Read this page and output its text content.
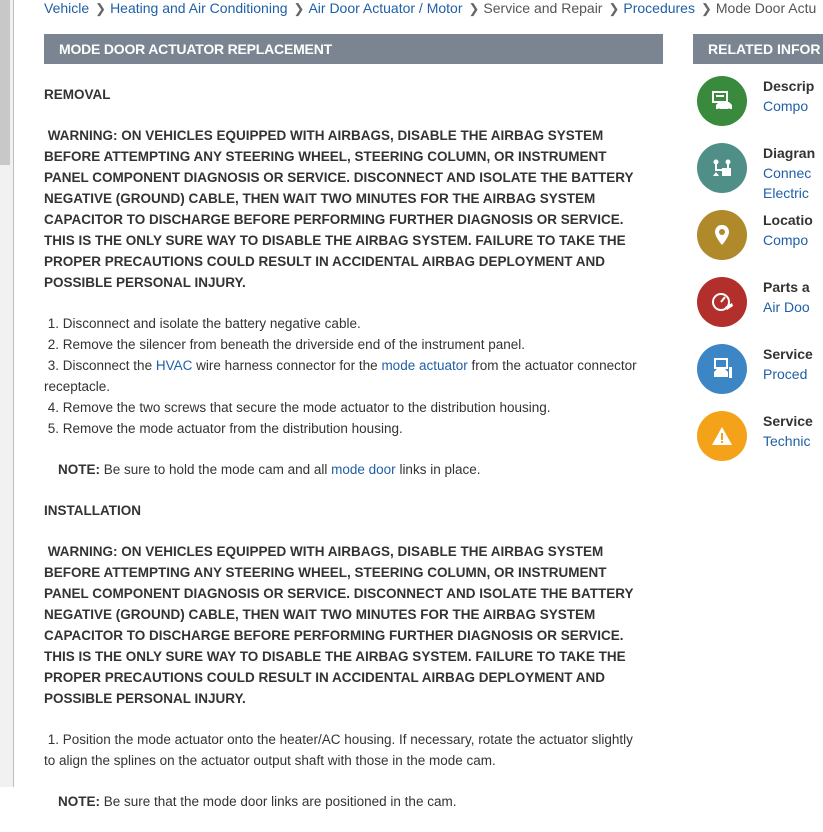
Vehicle ❯ Heating and Air Conditioning ❯ Air Door Actuator / Motor ❯ Service and Repair ❯ Procedures ❯ Mode Door Actu
MODE DOOR ACTUATOR REPLACEMENT	RELATED INFOR
REMOVAL
WARNING: ON VEHICLES EQUIPPED WITH AIRBAGS, DISABLE THE AIRBAG SYSTEM BEFORE ATTEMPTING ANY STEERING WHEEL, STEERING COLUMN, OR INSTRUMENT PANEL COMPONENT DIAGNOSIS OR SERVICE. DISCONNECT AND ISOLATE THE BATTERY NEGATIVE (GROUND) CABLE, THEN WAIT TWO MINUTES FOR THE AIRBAG SYSTEM CAPACITOR TO DISCHARGE BEFORE PERFORMING FURTHER DIAGNOSIS OR SERVICE. THIS IS THE ONLY SURE WAY TO DISABLE THE AIRBAG SYSTEM. FAILURE TO TAKE THE PROPER PRECAUTIONS COULD RESULT IN ACCIDENTAL AIRBAG DEPLOYMENT AND POSSIBLE PERSONAL INJURY.
1. Disconnect and isolate the battery negative cable.
2. Remove the silencer from beneath the driverside end of the instrument panel.
3. Disconnect the HVAC wire harness connector for the mode actuator from the actuator connector receptacle.
4. Remove the two screws that secure the mode actuator to the distribution housing.
5. Remove the mode actuator from the distribution housing.
NOTE: Be sure to hold the mode cam and all mode door links in place.
INSTALLATION
WARNING: ON VEHICLES EQUIPPED WITH AIRBAGS, DISABLE THE AIRBAG SYSTEM BEFORE ATTEMPTING ANY STEERING WHEEL, STEERING COLUMN, OR INSTRUMENT PANEL COMPONENT DIAGNOSIS OR SERVICE. DISCONNECT AND ISOLATE THE BATTERY NEGATIVE (GROUND) CABLE, THEN WAIT TWO MINUTES FOR THE AIRBAG SYSTEM CAPACITOR TO DISCHARGE BEFORE PERFORMING FURTHER DIAGNOSIS OR SERVICE. THIS IS THE ONLY SURE WAY TO DISABLE THE AIRBAG SYSTEM. FAILURE TO TAKE THE PROPER PRECAUTIONS COULD RESULT IN ACCIDENTAL AIRBAG DEPLOYMENT AND POSSIBLE PERSONAL INJURY.
1. Position the mode actuator onto the heater/AC housing. If necessary, rotate the actuator slightly to align the splines on the actuator output shaft with those in the mode cam.
NOTE: Be sure that the mode door links are positioned in the cam.
Descrip
Compo
Diagran
Connec
Electric
Locatio
Compo
Parts a
Air Doo
Service
Proced
Service
Technic
